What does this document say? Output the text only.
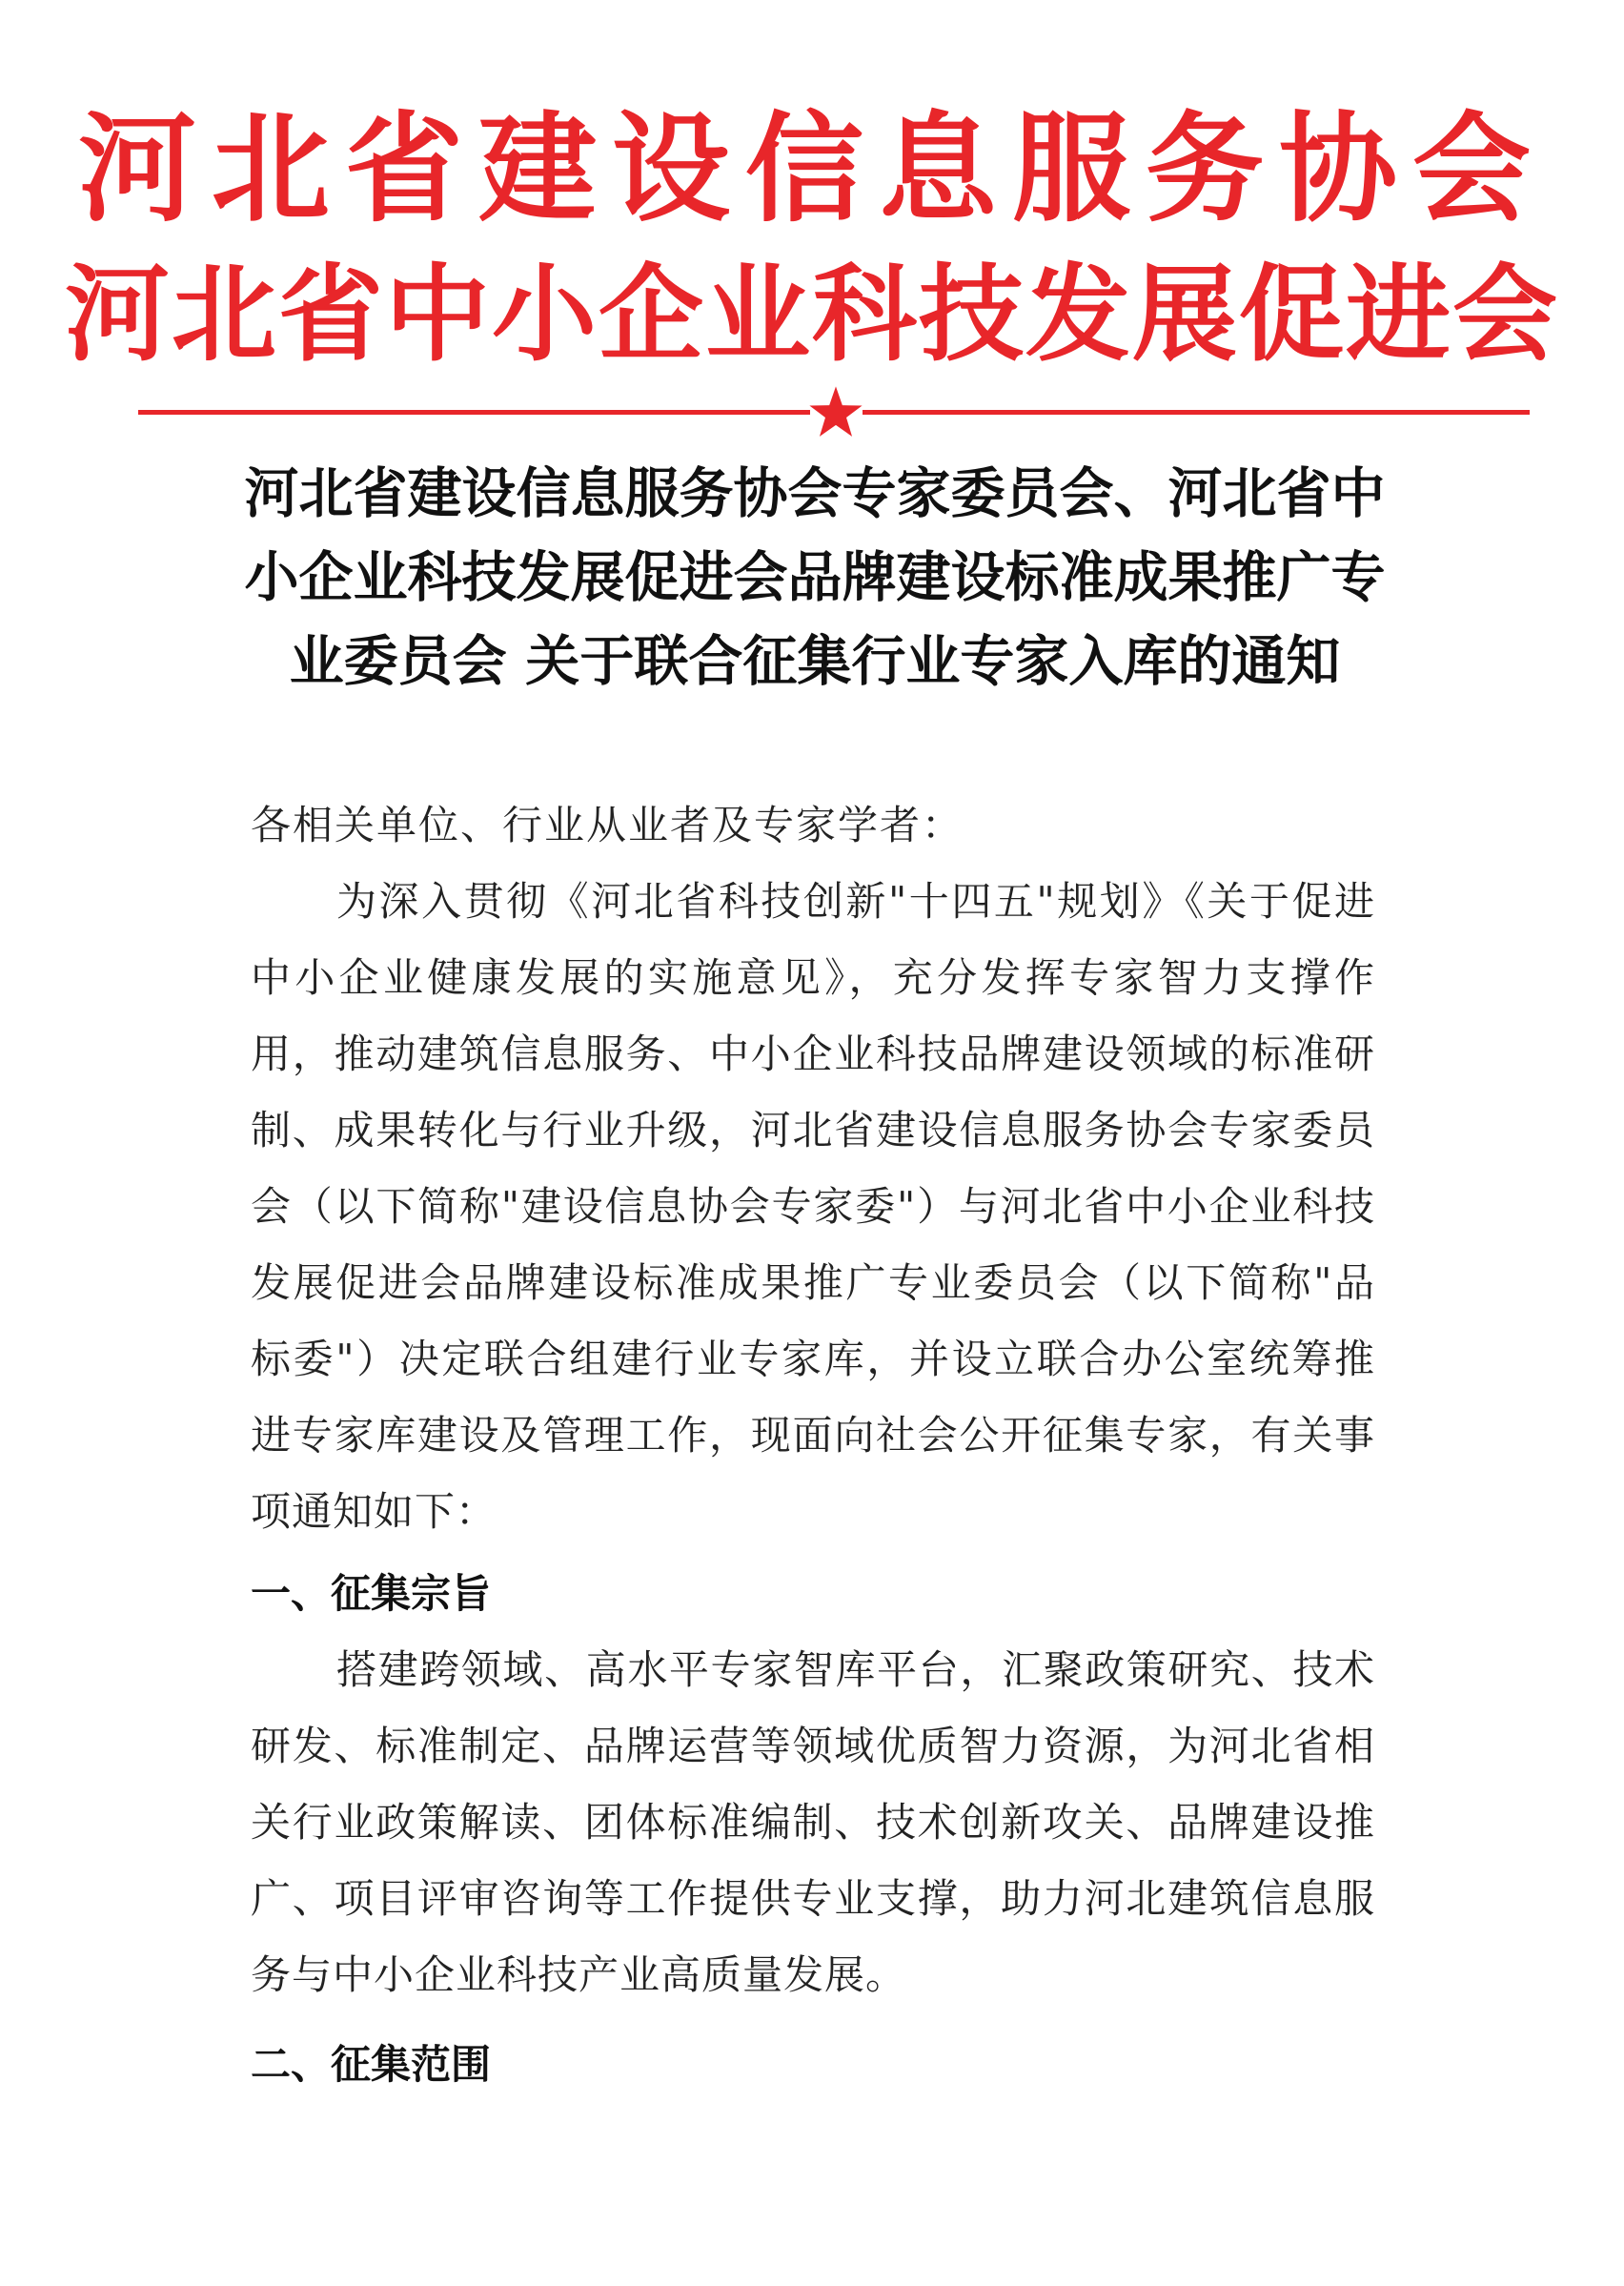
河北省建设信息服务协会
河北省中小企业科技发展促进会
河北省建设信息服务协会专家委员会、河北省中小企业科技发展促进会品牌建设标准成果推广专业委员会 关于联合征集行业专家入库的通知

各相关单位、行业从业者及专家学者：

为深入贯彻《河北省科技创新"十四五"规划》《关于促进中小企业健康发展的实施意见》，充分发挥专家智力支撑作用，推动建筑信息服务、中小企业科技品牌建设领域的标准研制、成果转化与行业升级，河北省建设信息服务协会专家委员会（以下简称"建设信息协会专家委"）与河北省中小企业科技发展促进会品牌建设标准成果推广专业委员会（以下简称"品标委"）决定联合组建行业专家库，并设立联合办公室统筹推进专家库建设及管理工作，现面向社会公开征集专家，有关事项通知如下：

一、征集宗旨

搭建跨领域、高水平专家智库平台，汇聚政策研究、技术研发、标准制定、品牌运营等领域优质智力资源，为河北省相关行业政策解读、团体标准编制、技术创新攻关、品牌建设推广、项目评审咨询等工作提供专业支撑，助力河北建筑信息服务与中小企业科技产业高质量发展。

二、征集范围
